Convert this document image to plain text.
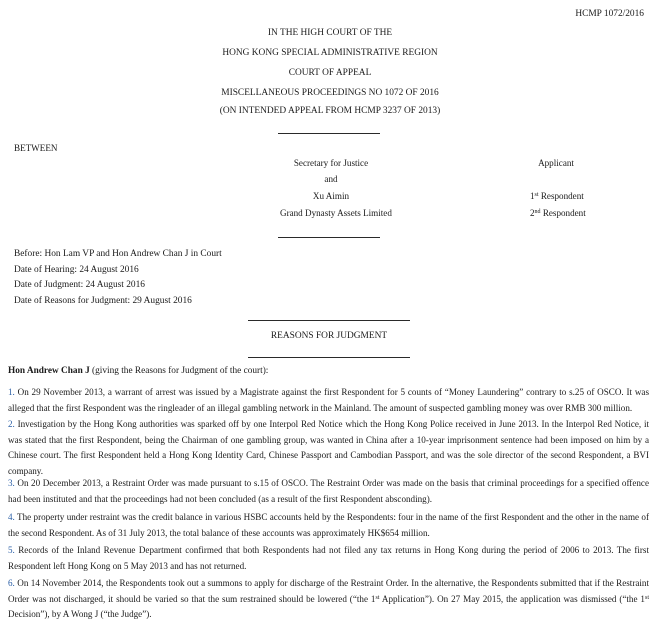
HCMP 1072/2016
IN THE HIGH COURT OF THE
HONG KONG SPECIAL ADMINISTRATIVE REGION
COURT OF APPEAL
MISCELLANEOUS PROCEEDINGS NO 1072 OF 2016
(ON INTENDED APPEAL FROM HCMP 3237 OF 2013)
BETWEEN
Secretary for Justice	Applicant
and
Xu Aimin	1st Respondent
Grand Dynasty Assets Limited	2nd Respondent
Before: Hon Lam VP and Hon Andrew Chan J in Court
Date of Hearing: 24 August 2016
Date of Judgment: 24 August 2016
Date of Reasons for Judgment: 29 August 2016
REASONS FOR JUDGMENT
Hon Andrew Chan J (giving the Reasons for Judgment of the court):
1. On 29 November 2013, a warrant of arrest was issued by a Magistrate against the first Respondent for 5 counts of “Money Laundering” contrary to s.25 of OSCO. It was alleged that the first Respondent was the ringleader of an illegal gambling network in the Mainland. The amount of suspected gambling money was over RMB 300 million.
2. Investigation by the Hong Kong authorities was sparked off by one Interpol Red Notice which the Hong Kong Police received in June 2013. In the Interpol Red Notice, it was stated that the first Respondent, being the Chairman of one gambling group, was wanted in China after a 10-year imprisonment sentence had been imposed on him by a Chinese court. The first Respondent held a Hong Kong Identity Card, Chinese Passport and Cambodian Passport, and was the sole director of the second Respondent, a BVI company.
3. On 20 December 2013, a Restraint Order was made pursuant to s.15 of OSCO. The Restraint Order was made on the basis that criminal proceedings for a specified offence had been instituted and that the proceedings had not been concluded (as a result of the first Respondent absconding).
4. The property under restraint was the credit balance in various HSBC accounts held by the Respondents: four in the name of the first Respondent and the other in the name of the second Respondent. As of 31 July 2013, the total balance of these accounts was approximately HK$654 million.
5. Records of the Inland Revenue Department confirmed that both Respondents had not filed any tax returns in Hong Kong during the period of 2006 to 2013. The first Respondent left Hong Kong on 5 May 2013 and has not returned.
6. On 14 November 2014, the Respondents took out a summons to apply for discharge of the Restraint Order. In the alternative, the Respondents submitted that if the Restraint Order was not discharged, it should be varied so that the sum restrained should be lowered (“the 1st Application”). On 27 May 2015, the application was dismissed (“the 1st Decision”), by A Wong J (“the Judge”).
